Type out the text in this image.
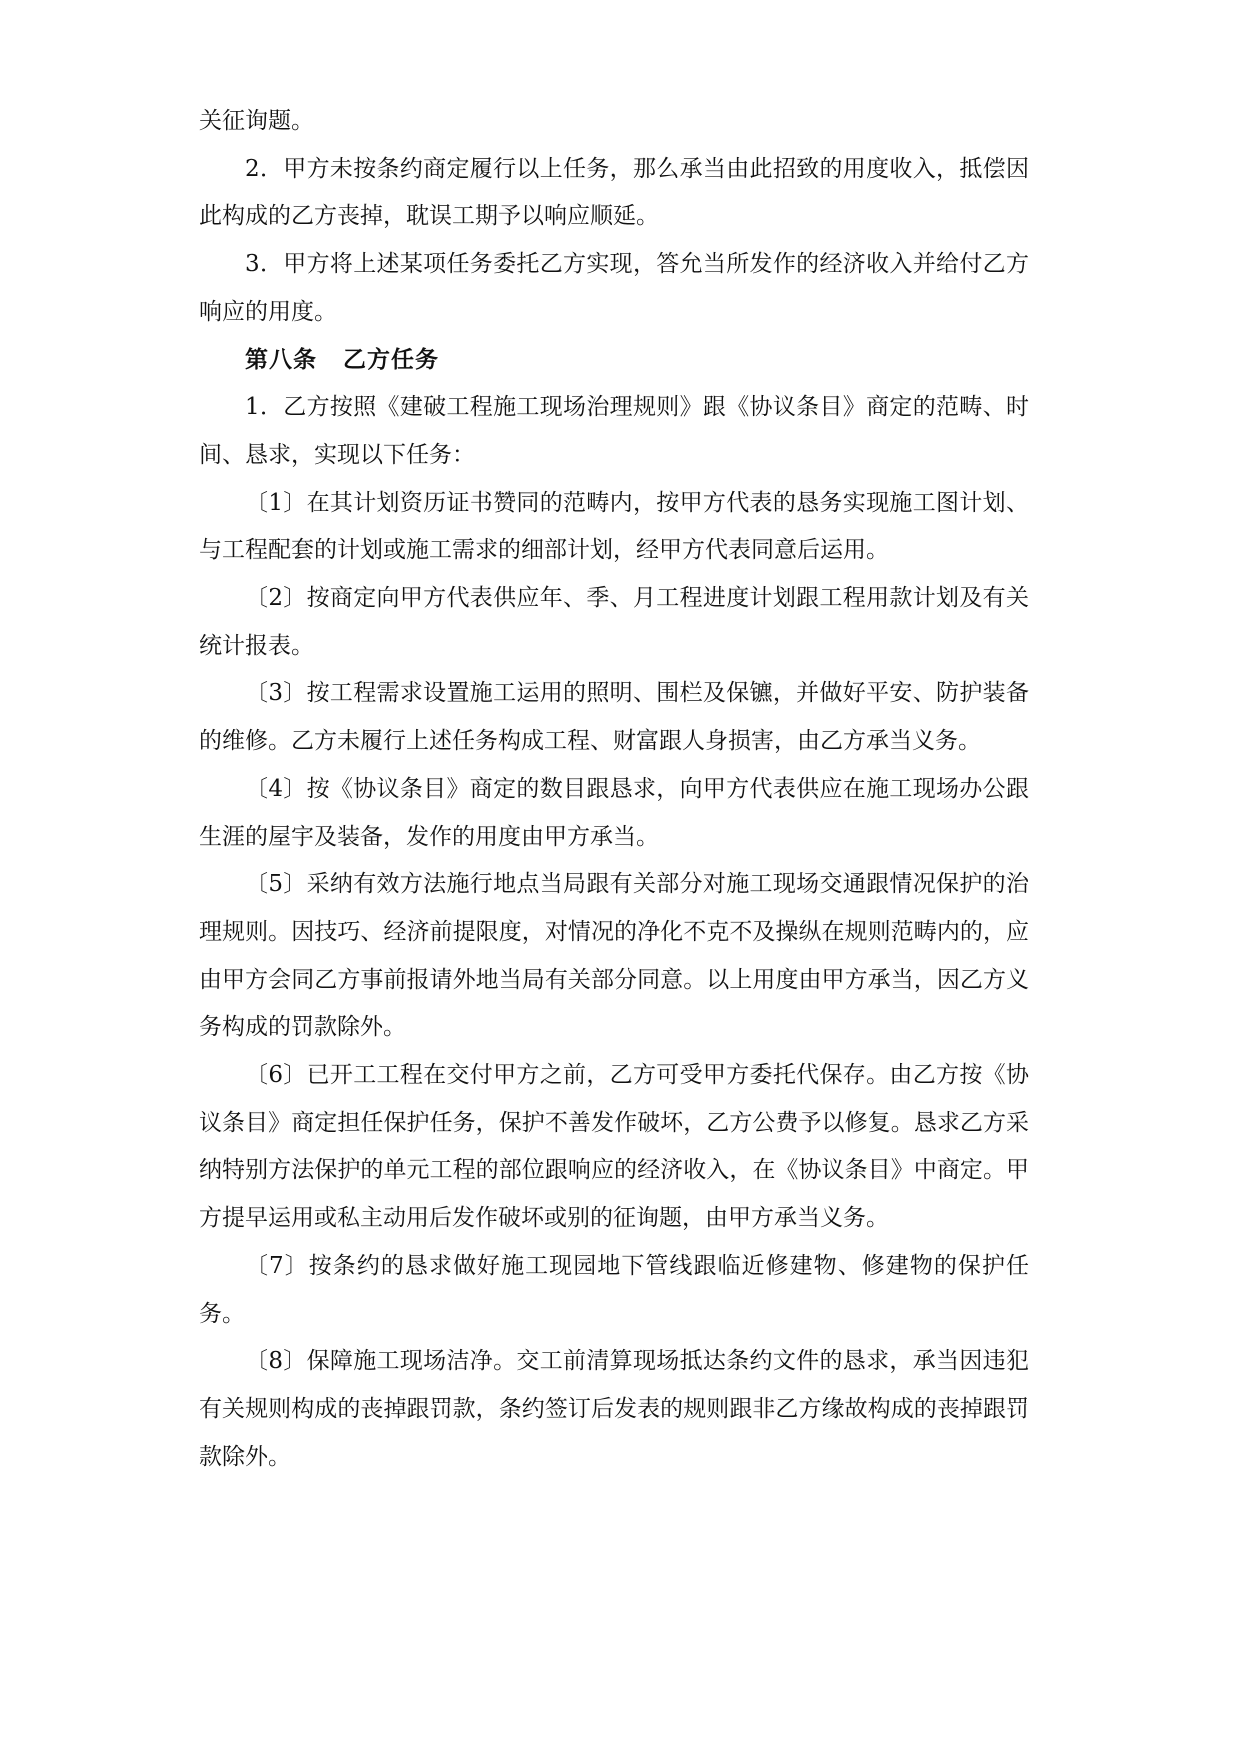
关征询题。

2．甲方未按条约商定履行以上任务，那么承当由此招致的用度收入，抵偿因此构成的乙方丧掉，耽误工期予以响应顺延。

3．甲方将上述某项任务委托乙方实现，答允当所发作的经济收入并给付乙方响应的用度。

第八条 乙方任务

1．乙方按照《建破工程施工现场治理规则》跟《协议条目》商定的范畴、时间、恳求，实现以下任务：

〔1〕在其计划资历证书赞同的范畴内，按甲方代表的恳务实现施工图计划、与工程配套的计划或施工需求的细部计划，经甲方代表同意后运用。

〔2〕按商定向甲方代表供应年、季、月工程进度计划跟工程用款计划及有关统计报表。

〔3〕按工程需求设置施工运用的照明、围栏及保镳，并做好平安、防护装备的维修。乙方未履行上述任务构成工程、财富跟人身损害，由乙方承当义务。

〔4〕按《协议条目》商定的数目跟恳求，向甲方代表供应在施工现场办公跟生涯的屋宇及装备，发作的用度由甲方承当。

〔5〕采纳有效方法施行地点当局跟有关部分对施工现场交通跟情况保护的治理规则。因技巧、经济前提限度，对情况的净化不克不及操纵在规则范畴内的，应由甲方会同乙方事前报请外地当局有关部分同意。以上用度由甲方承当，因乙方义务构成的罚款除外。

〔6〕已开工工程在交付甲方之前，乙方可受甲方委托代保存。由乙方按《协议条目》商定担任保护任务，保护不善发作破坏，乙方公费予以修复。恳求乙方采纳特别方法保护的单元工程的部位跟响应的经济收入，在《协议条目》中商定。甲方提早运用或私主动用后发作破坏或别的征询题，由甲方承当义务。

〔7〕按条约的恳求做好施工现园地下管线跟临近修建物、修建物的保护任务。

〔8〕保障施工现场洁净。交工前清算现场抵达条约文件的恳求，承当因违犯有关规则构成的丧掉跟罚款，条约签订后发表的规则跟非乙方缘故构成的丧掉跟罚款除外。
